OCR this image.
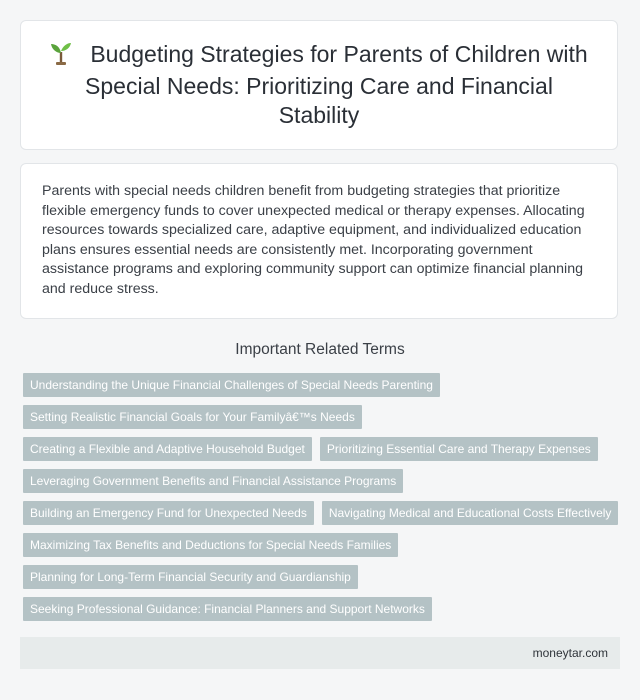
Budgeting Strategies for Parents of Children with Special Needs: Prioritizing Care and Financial Stability

Parents with special needs children benefit from budgeting strategies that prioritize flexible emergency funds to cover unexpected medical or therapy expenses. Allocating resources towards specialized care, adaptive equipment, and individualized education plans ensures essential needs are consistently met. Incorporating government assistance programs and exploring community support can optimize financial planning and reduce stress.

Important Related Terms
Understanding the Unique Financial Challenges of Special Needs Parenting
Setting Realistic Financial Goals for Your Familyâ€™s Needs
Creating a Flexible and Adaptive Household Budget	Prioritizing Essential Care and Therapy Expenses
Leveraging Government Benefits and Financial Assistance Programs
Building an Emergency Fund for Unexpected Needs	Navigating Medical and Educational Costs Effectively
Maximizing Tax Benefits and Deductions for Special Needs Families
Planning for Long-Term Financial Security and Guardianship
Seeking Professional Guidance: Financial Planners and Support Networks
moneytar.com
